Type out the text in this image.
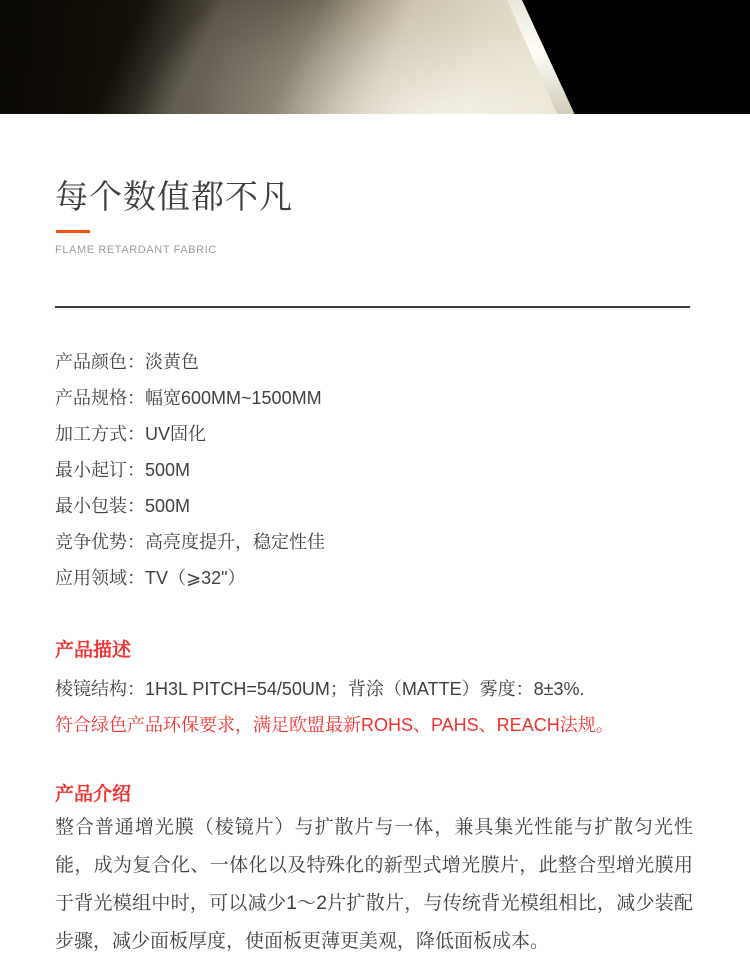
每个数值都不凡
FLAME RETARDANT FABRIC
产品颜色：淡黄色
产品规格：幅宽600MM~1500MM
加工方式：UV固化
最小起订：500M
最小包装：500M
竞争优势：高亮度提升，稳定性佳
应用领域：TV（⩾32"）
产品描述
棱镜结构：1H3L PITCH=54/50UM；背涂（MATTE）雾度：8±3%.
符合绿色产品环保要求，满足欧盟最新ROHS、PAHS、REACH法规。
产品介绍

整合普通增光膜（棱镜片）与扩散片与一体，兼具集光性能与扩散匀光性能，成为复合化、一体化以及特殊化的新型式增光膜片，此整合型增光膜用于背光模组中时，可以减少1～2片扩散片，与传统背光模组相比，减少装配步骤，减少面板厚度，使面板更薄更美观，降低面板成本。
